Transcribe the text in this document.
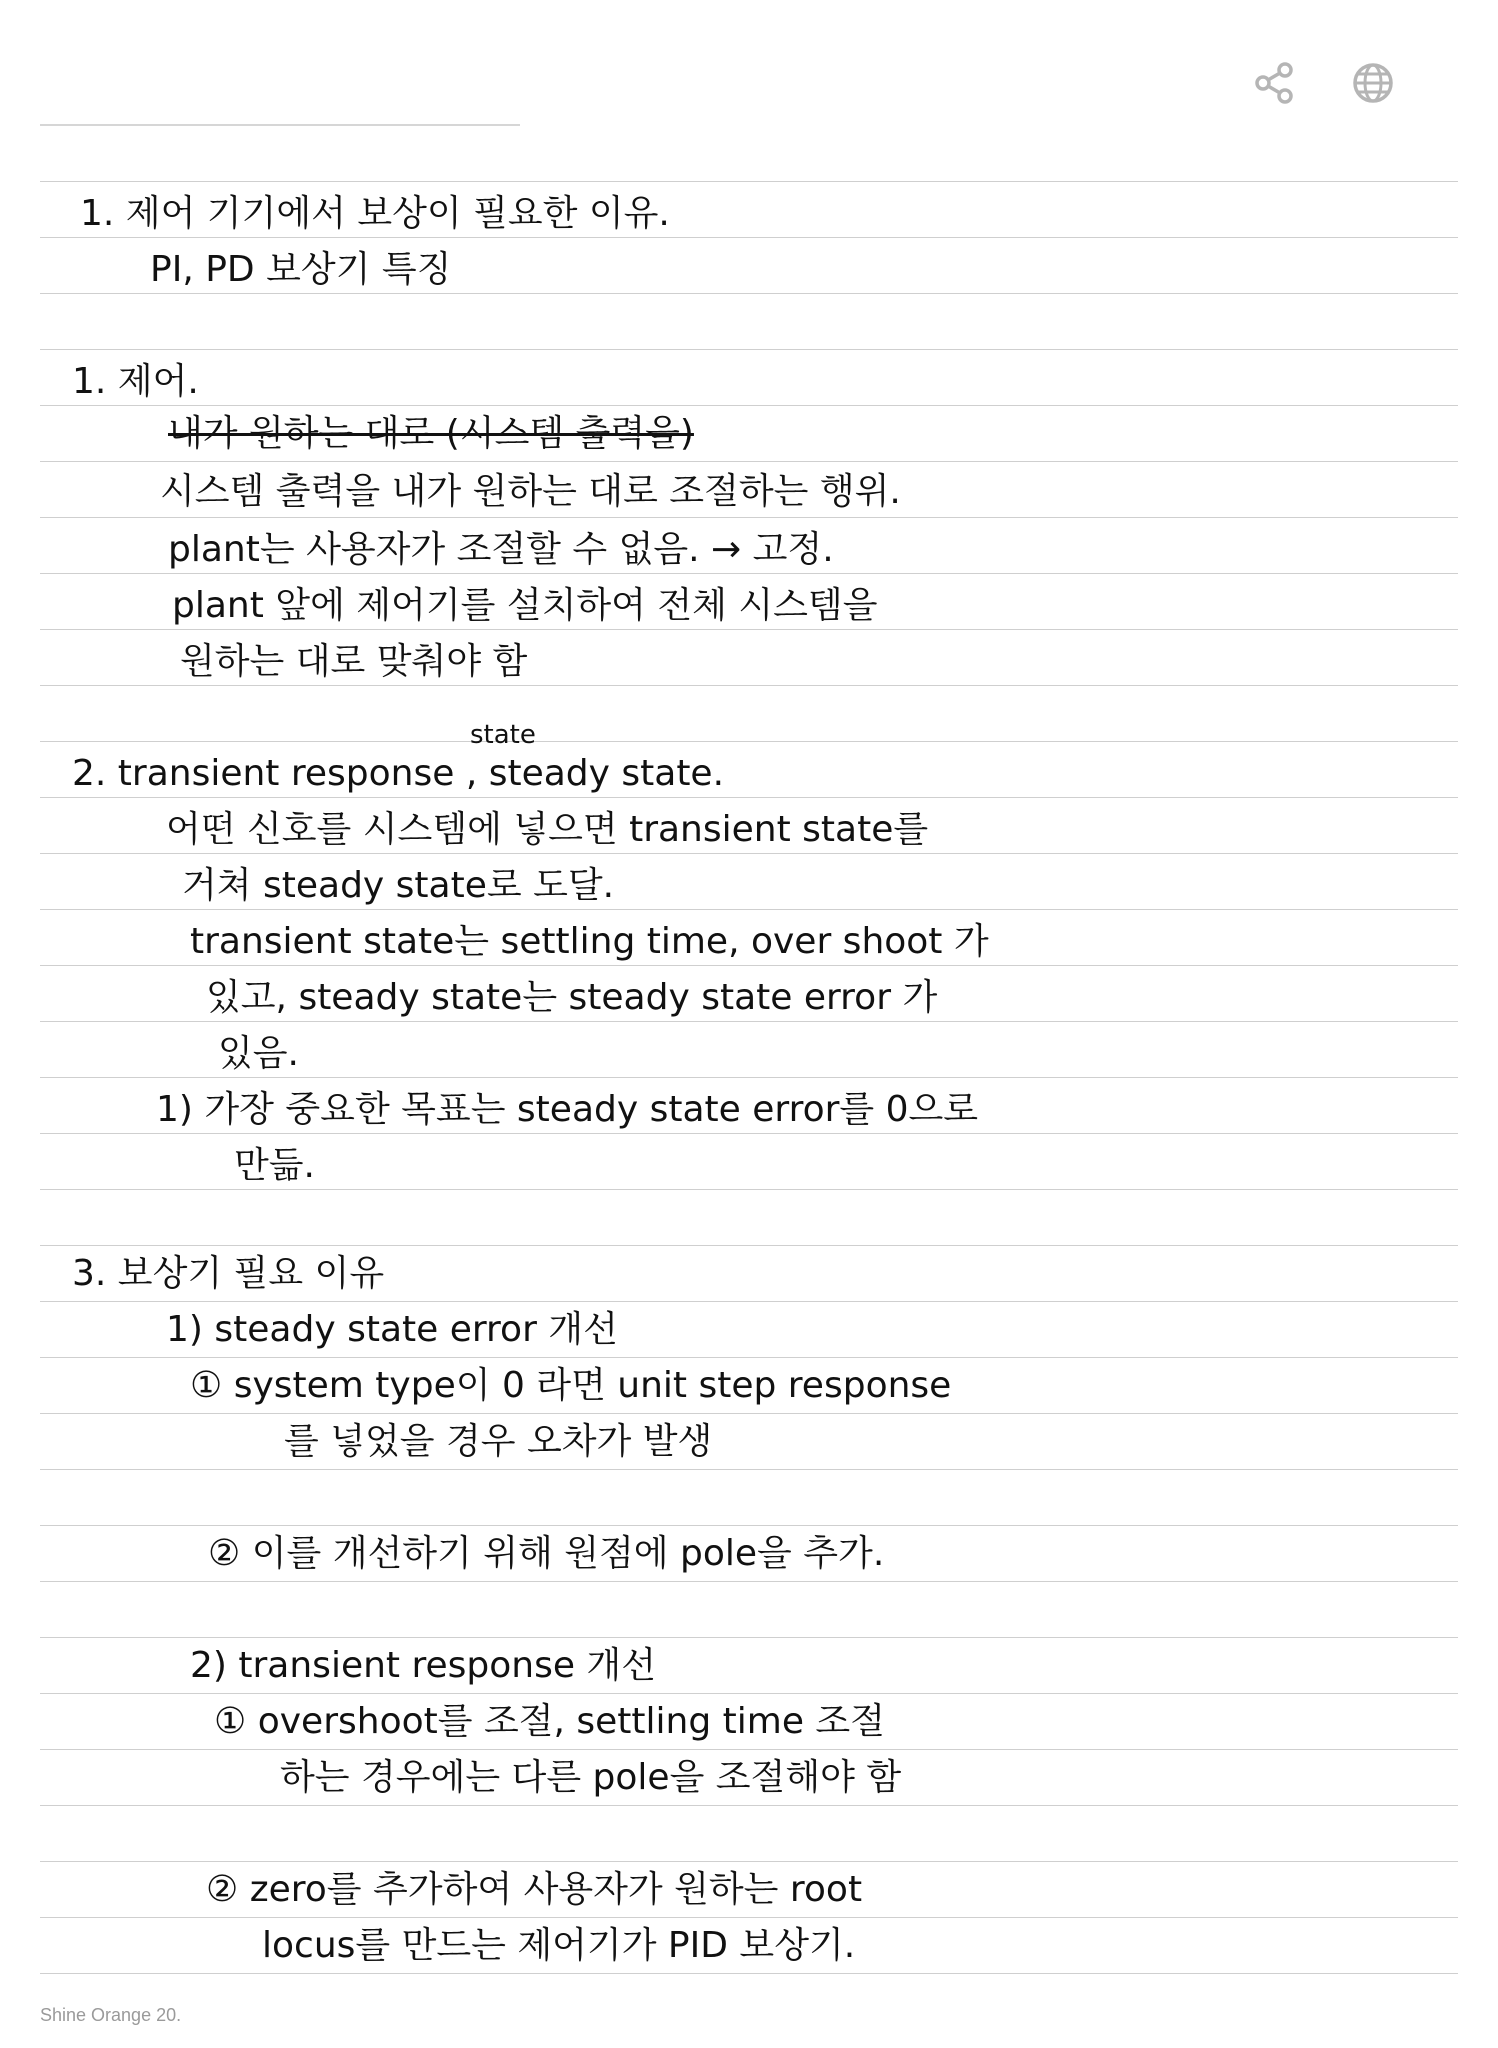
1. 제어 기기에서 보상이 필요한 이유.
PI, PD 보상기 특징
1. 제어.
내가 원하는 대로 (시스템 출력을)
시스템 출력을 내가 원하는 대로 조절하는 행위.
plant는 사용자가 조절할 수 없음. → 고정.
plant 앞에 제어기를 설치하여 전체 시스템을
원하는 대로 맞춰야 함
state
2. transient response , steady state.
어떤 신호를 시스템에 넣으면 transient state를
거쳐 steady state로 도달.
transient state는 settling time, over shoot 가
있고, steady state는 steady state error 가
있음.
1) 가장 중요한 목표는 steady state error를 0으로
만듦.
3. 보상기 필요 이유
1) steady state error 개선
① system type이 0 라면 unit step response
를 넣었을 경우 오차가 발생
② 이를 개선하기 위해 원점에 pole을 추가.
2) transient response 개선
① overshoot를 조절, settling time 조절
하는 경우에는 다른 pole을 조절해야 함
② zero를 추가하여 사용자가 원하는 root
locus를 만드는 제어기가 PID 보상기.
Shine Orange 20.
